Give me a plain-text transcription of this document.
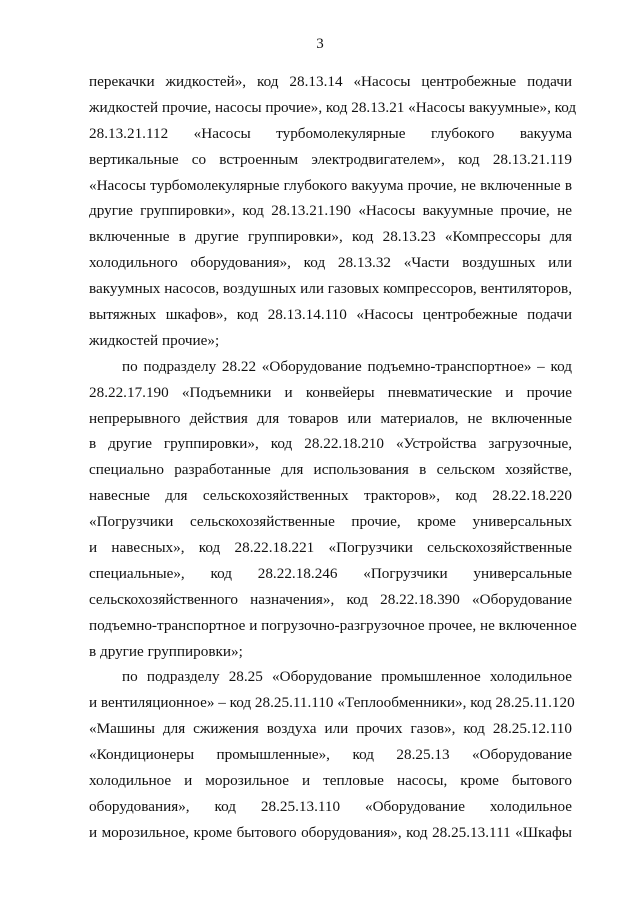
3
перекачки жидкостей», код 28.13.14 «Насосы центробежные подачи
жидкостей прочие, насосы прочие», код 28.13.21 «Насосы вакуумные», код
28.13.21.112 «Насосы турбомолекулярные глубокого вакуума
вертикальные со встроенным электродвигателем», код 28.13.21.119
«Насосы турбомолекулярные глубокого вакуума прочие, не включенные в
другие группировки», код 28.13.21.190 «Насосы вакуумные прочие, не
включенные в другие группировки», код 28.13.23 «Компрессоры для
холодильного оборудования», код 28.13.32 «Части воздушных или
вакуумных насосов, воздушных или газовых компрессоров, вентиляторов,
вытяжных шкафов», код 28.13.14.110 «Насосы центробежные подачи
жидкостей прочие»;
по подразделу 28.22 «Оборудование подъемно-транспортное» – код
28.22.17.190 «Подъемники и конвейеры пневматические и прочие
непрерывного действия для товаров или материалов, не включенные
в другие группировки», код 28.22.18.210 «Устройства загрузочные,
специально разработанные для использования в сельском хозяйстве,
навесные для сельскохозяйственных тракторов», код 28.22.18.220
«Погрузчики сельскохозяйственные прочие, кроме универсальных
и навесных», код 28.22.18.221 «Погрузчики сельскохозяйственные
специальные», код 28.22.18.246 «Погрузчики универсальные
сельскохозяйственного назначения», код 28.22.18.390 «Оборудование
подъемно-транспортное и погрузочно-разгрузочное прочее, не включенное
в другие группировки»;
по подразделу 28.25 «Оборудование промышленное холодильное
и вентиляционное» – код 28.25.11.110 «Теплообменники», код 28.25.11.120
«Машины для сжижения воздуха или прочих газов», код 28.25.12.110
«Кондиционеры промышленные», код 28.25.13 «Оборудование
холодильное и морозильное и тепловые насосы, кроме бытового
оборудования», код 28.25.13.110 «Оборудование холодильное
и морозильное, кроме бытового оборудования», код 28.25.13.111 «Шкафы
